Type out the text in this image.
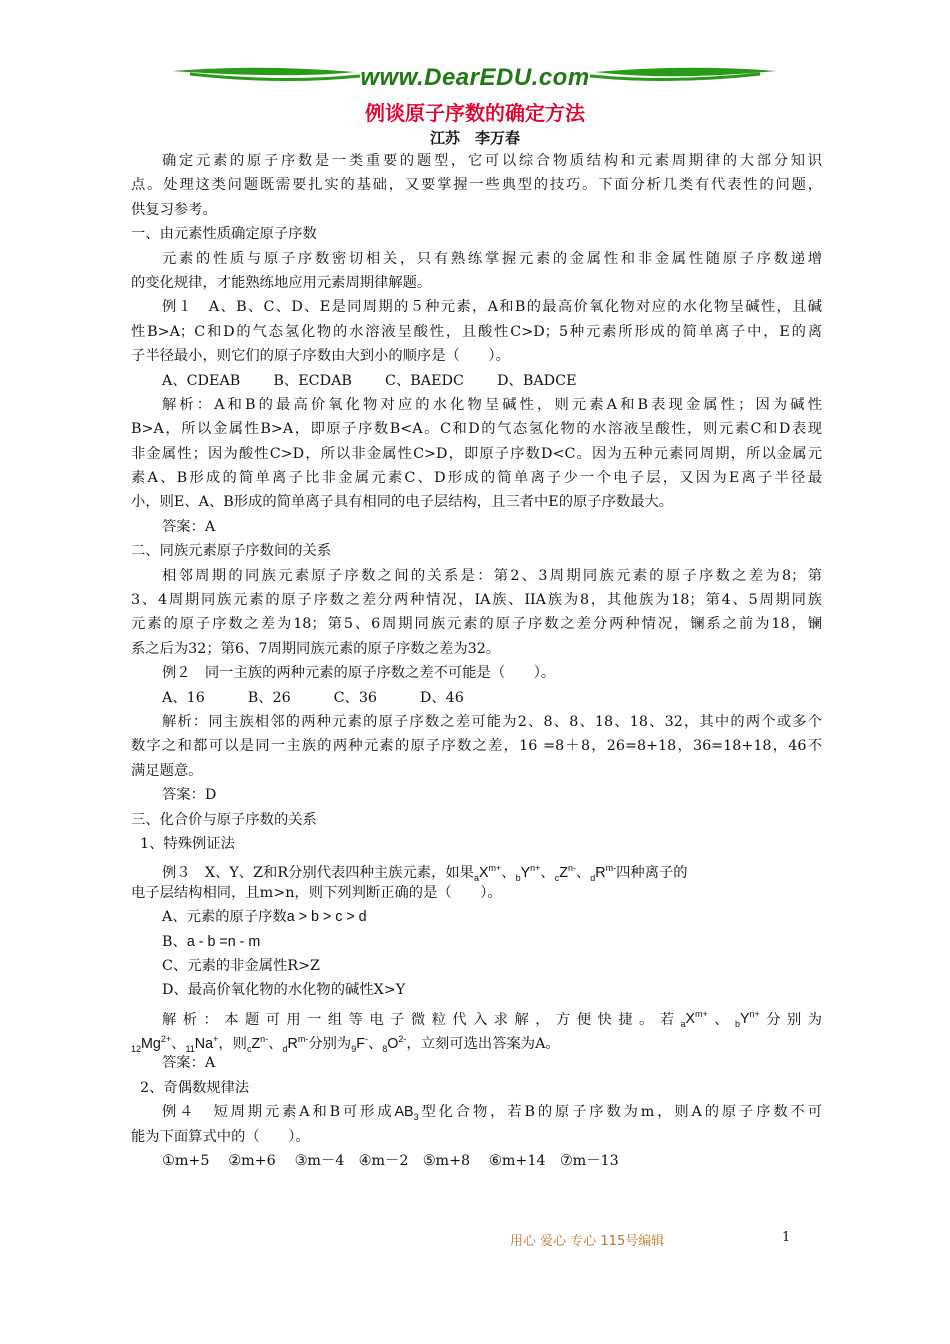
www.DearEDU.com
例谈原子序数的确定方法
江苏　李万春
确定元素的原子序数是一类重要的题型，它可以综合物质结构和元素周期律的大部分知识
点。处理这类问题既需要扎实的基础，又要掌握一些典型的技巧。下面分析几类有代表性的问题，
供复习参考。
一、由元素性质确定原子序数
元素的性质与原子序数密切相关，只有熟练掌握元素的金属性和非金属性随原子序数递增
的变化规律，才能熟练地应用元素周期律解题。
例１　A、B、C、D、E是同周期的５种元素，A和B的最高价氧化物对应的水化物呈碱性，且碱
性B>A；C和D的气态氢化物的水溶液呈酸性，且酸性C>D；5种元素所形成的简单离子中，E的离
子半径最小，则它们的原子序数由大到小的顺序是（　　）。
A、CDEAB　　 B、ECDAB　　 C、BAEDC　　 D、BADCE
解析：A和B的最高价氧化物对应的水化物呈碱性，则元素A和B表现金属性；因为碱性
B>A，所以金属性B>A，即原子序数B<A。C和D的气态氢化物的水溶液呈酸性，则元素C和D表现
非金属性；因为酸性C>D，所以非金属性C>D，即原子序数D<C。因为五种元素同周期，所以金属元
素A、B形成的简单离子比非金属元素C、D形成的简单离子少一个电子层，又因为E离子半径最
小，则E、A、B形成的简单离子具有相同的电子层结构，且三者中E的原子序数最大。
答案：A
二、同族元素原子序数间的关系
相邻周期的同族元素原子序数之间的关系是：第2、3周期同族元素的原子序数之差为8；第
3、4周期同族元素的原子序数之差分两种情况，IA族、IIA族为8，其他族为18；第4、5周期同族
元素的原子序数之差为18；第5、6周期同族元素的原子序数之差分两种情况，镧系之前为18，镧
系之后为32；第6、7周期同族元素的原子序数之差为32。
例２　同一主族的两种元素的原子序数之差不可能是（　　）。
A、16　　　B、26　　　C、36　　　D、46
解析：同主族相邻的两种元素的原子序数之差可能为2、8、8、18、18、32，其中的两个或多个
数字之和都可以是同一主族的两种元素的原子序数之差，16 =8＋8，26=8+18，36=18+18，46不
满足题意。
答案：D
三、化合价与原子序数的关系
1、特殊例证法
例３　X、Y、Z和R分别代表四种主族元素，如果$_aX^{m+}$、$_bY^{n+}$、$_cZ^{n-}$、$_dR^{m-}$四种离子的
电子层结构相同，且m>n，则下列判断正确的是（　　）。
A、元素的原子序数a > b > c > d
B、a - b =n - m
C、元素的非金属性R>Z
D、最高价氧化物的水化物的碱性X>Y
解析：本题可用一组等电子微粒代入求解，方便快捷。若$_aX^{m+}$、$_bY^{n+}$分别为
$_{12}Mg^{2+}$、$_{11}$Na+，则$_cZ^{n-}$、$_dR^{m-}$分别为$_9$F-、$_8O^{2-}$，立刻可选出答案为A。
答案：A
2、奇偶数规律法
例４　短周期元素A和B可形成$AB_3$型化合物，若B的原子序数为m，则A的原子序数不可
能为下面算式中的（　　）。
①m+5　 ②m+6　 ③m－4　④m－2　⑤m+8　 ⑥m+14　⑦m－13
用心 爱心 专心 115号编辑	1
